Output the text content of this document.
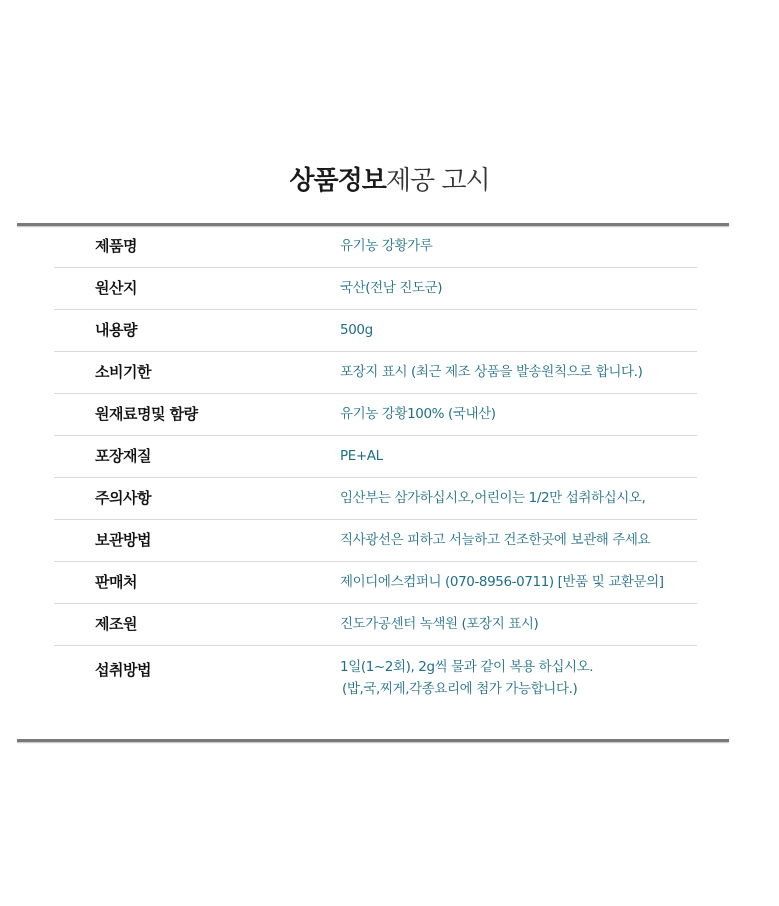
상품정보제공 고시
제품명	유기농 강황가루
원산지	국산(전남 진도군)
내용량	500g
소비기한	포장지 표시 (최근 제조 상품을 발송원칙으로 합니다.)
원재료명및 함량	유기농 강황100% (국내산)
포장재질	PE+AL
주의사항	임산부는 삼가하십시오,어린이는 1/2만 섭취하십시오,
보관방법	직사광선은 피하고 서늘하고 건조한곳에 보관해 주세요
판매처	제이디에스컴퍼니 (070-8956-0711) [반품 및 교환문의]
제조원	진도가공센터 녹색원 (포장지 표시)
섭취방법	1일(1~2회), 2g씩 물과 같이 복용 하십시오.
(밥,국,찌게,각종요리에 첨가 가능합니다.)
